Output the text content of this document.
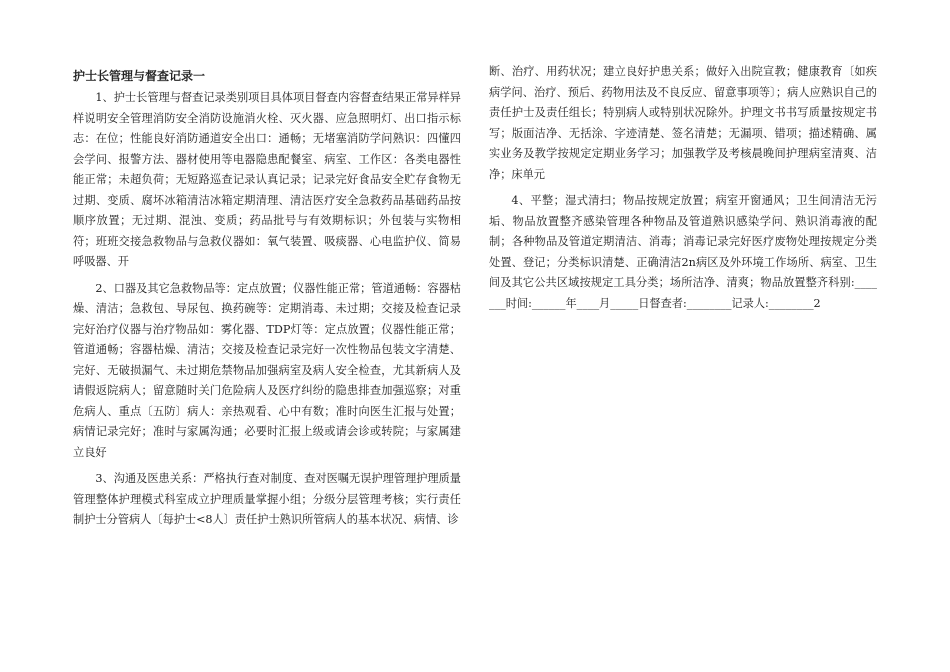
护士长管理与督查记录一

1、护士长管理与督查记录类别项目具体项目督查内容督查结果正常异样异样说明安全管理消防安全消防设施消火栓、灭火器、应急照明灯、出口指示标志：在位；性能良好消防通道安全出口：通畅；无堵塞消防学问熟识：四懂四会学问、报警方法、器材使用等电器隐患配餐室、病室、工作区：各类电器性能正常；未超负荷；无短路巡查记录认真记录；记录完好食品安全贮存食物无过期、变质、腐坏冰箱清洁冰箱定期清理、清洁医疗安全急救药品基础药品按顺序放置；无过期、混浊、变质；药品批号与有效期标识；外包装与实物相符；班班交接急救物品与急救仪器如：氧气装置、吸痰器、心电监护仪、简易呼吸器、开

2、口器及其它急救物品等：定点放置；仪器性能正常；管道通畅：容器枯燥、清洁；急救包、导尿包、换药碗等：定期消毒、未过期；交接及检查记录完好治疗仪器与治疗物品如：雾化器、TDP灯等：定点放置；仪器性能正常；管道通畅；容器枯燥、清洁；交接及检查记录完好一次性物品包装文字清楚、完好、无破损漏气、未过期危禁物品加强病室及病人安全检查，尤其新病人及请假返院病人；留意随时关门危险病人及医疗纠纷的隐患排查加强巡察；对重危病人、重点〔五防〕病人：亲热观看、心中有数；准时向医生汇报与处置；病情记录完好；准时与家属沟通；必要时汇报上级或请会诊或转院；与家属建立良好

3、沟通及医患关系：严格执行查对制度、查对医嘱无误护理管理护理质量管理整体护理模式科室成立护理质量掌握小组；分级分层管理考核；实行责任制护士分管病人〔每护士<8人〕责任护士熟识所管病人的基本状况、病情、诊

断、治疗、用药状况；建立良好护患关系；做好入出院宣教；健康教育〔如疾病学问、治疗、预后、药物用法及不良反应、留意事项等〕；病人应熟识自己的责任护士及责任组长；特别病人或特别状况除外。护理文书书写质量按规定书写；版面洁净、无括涂、字迹清楚、签名清楚；无漏项、错项；描述精确、属实业务及教学按规定定期业务学习；加强教学及考核晨晚间护理病室清爽、洁净；床单元

4、平整；湿式清扫；物品按规定放置；病室开窗通风；卫生间清洁无污垢、物品放置整齐感染管理各种物品及管道熟识感染学问、熟识消毒液的配制；各种物品及管道定期清洁、消毒；消毒记录完好医疗废物处理按规定分类处置、登记；分类标识清楚、正确清洁2n病区及外环境工作场所、病室、卫生间及其它公共区域按规定工具分类；场所洁净、清爽；物品放置整齐科别:_______时间:______年____月_____日督查者:________记录人:________2
